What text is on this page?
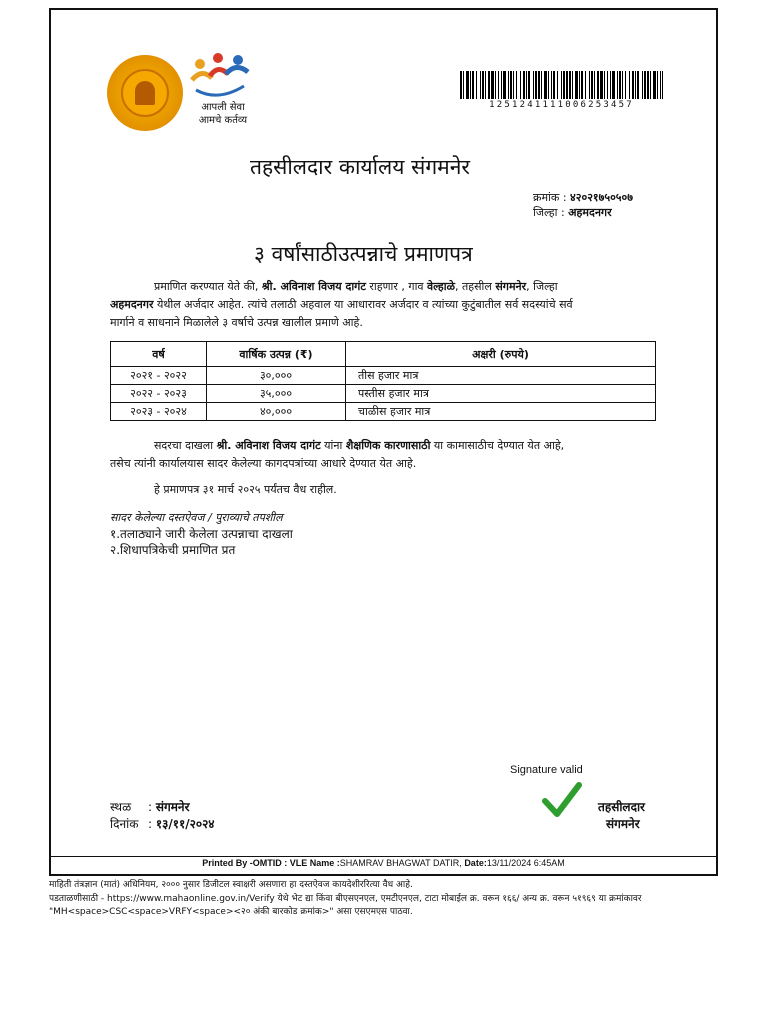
आपली सेवा
आमचे कर्तव्य
1251241111006253457
तहसीलदार कार्यालय संगमनेर
क्रमांक : ४२०२१७५०५०७
जिल्हा : अहमदनगर
३ वर्षांसाठीउत्पन्नाचे प्रमाणपत्र
प्रमाणित करण्यात येते की, श्री. अविनाश विजय दागंट राहणार , गाव वेल्हाळे, तहसील संगमनेर, जिल्हा
अहमदनगर येथील अर्जदार आहेत. त्यांचे तलाठी अहवाल या आधारावर अर्जदार व त्यांच्या कुटुंबातील सर्व सदस्यांचे सर्व
मार्गाने व साधनाने मिळालेले ३ वर्षाचे उत्पन्न खालील प्रमाणे आहे.
वर्ष	वार्षिक उत्पन्न (₹)	अक्षरी (रुपये)
२०२१ - २०२२	३०,०००	तीस हजार मात्र
२०२२ - २०२३	३५,०००	पस्तीस हजार मात्र
२०२३ - २०२४	४०,०००	चाळीस हजार मात्र
सदरचा दाखला श्री. अविनाश विजय दागंट यांना शैक्षणिक कारणासाठी या कामासाठीच देण्यात येत आहे,
तसेच त्यांनी कार्यालयास सादर केलेल्या कागदपत्रांच्या आधारे देण्यात येत आहे.
हे प्रमाणपत्र ३१ मार्च २०२५ पर्यंतच वैध राहील.
सादर केलेल्या दस्तऐवज / पुराव्याचे तपशील
१.तलाठ्याने जारी केलेला उत्पन्नाचा दाखला
२.शिधापत्रिकेची प्रमाणित प्रत
Signature valid
तहसीलदार
संगमनेर
स्थळ : संगमनेर
दिनांक : १३/११/२०२४
Printed By -OMTID : VLE Name :SHAMRAV BHAGWAT DATIR, Date:13/11/2024 6:45AM
माहिती तंत्रज्ञान (मातं) अधिनियम, २००० नुसार डिजीटल स्वाक्षरी असणारा हा दस्तऐवज कायदेशीररित्या वैध आहे.
पडताळणीसाठी - https://www.mahaonline.gov.in/Verify येथे भेट द्या किंवा बीएसएनएल, एमटीएनएल, टाटा मोबाईल क्र. वरून १६६/ अन्य क्र. वरून ५१९६९ या क्रमांकावर
"MH<space>CSC<space>VRFY<space><२० अंकी बारकोड क्रमांक>" असा एसएमएस पाठवा.
